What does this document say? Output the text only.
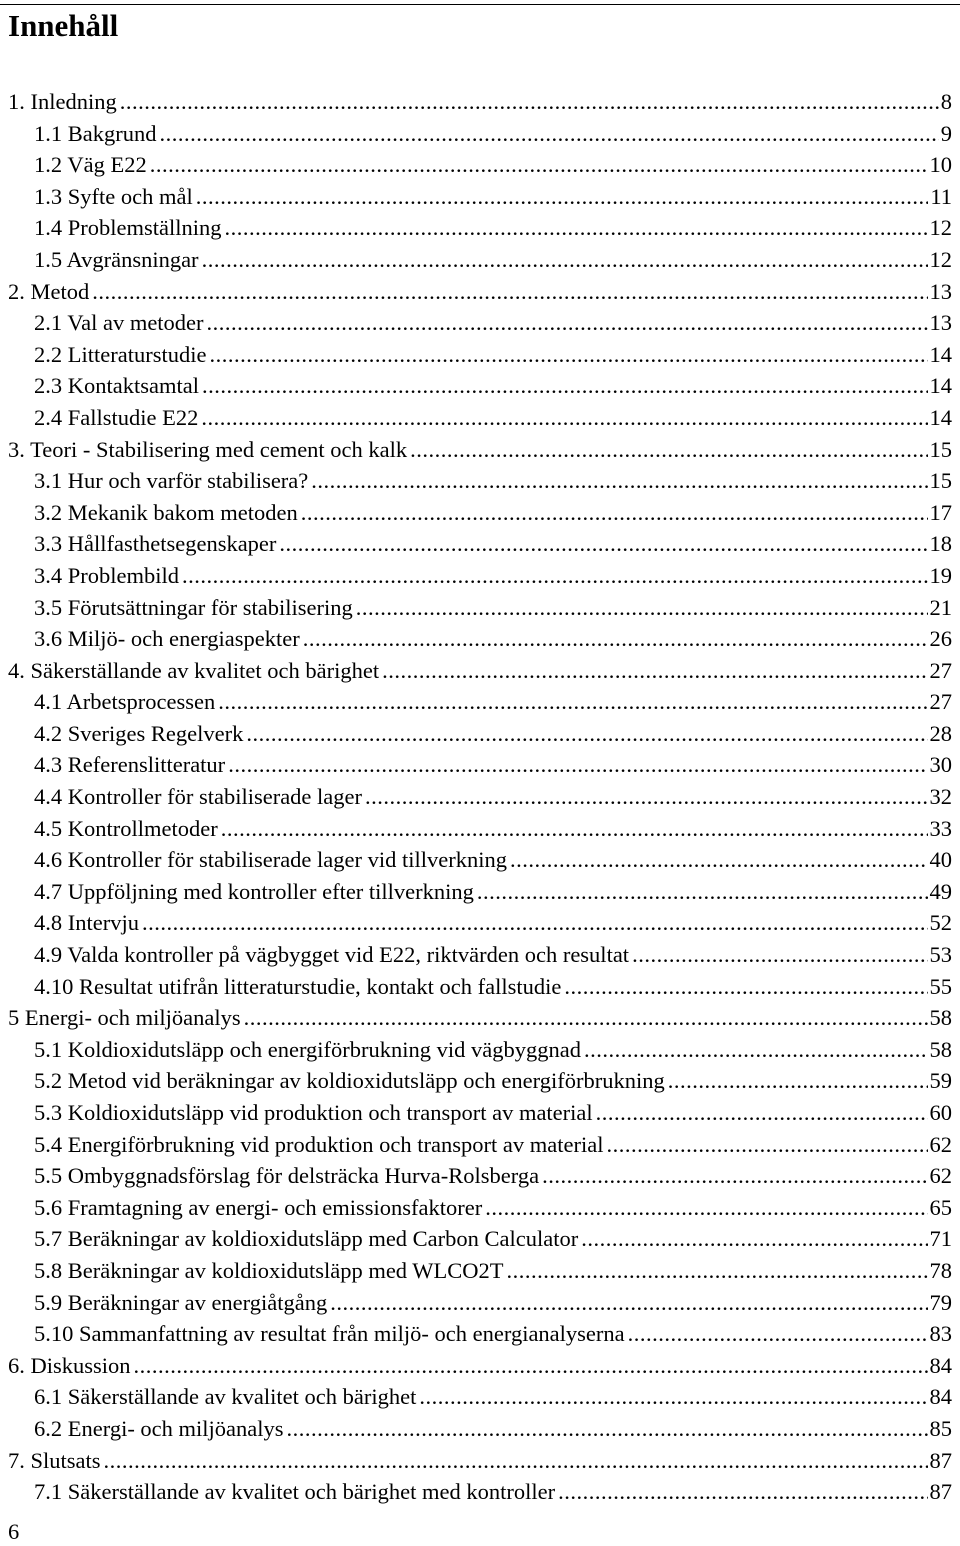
Innehåll
1. Inledning .....	8
1.1 Bakgrund .....	9
1.2 Väg E22 .....	10
1.3 Syfte och mål .....	11
1.4 Problemställning .....	12
1.5 Avgränsningar .....	12
2. Metod .....	13
2.1 Val av metoder .....	13
2.2 Litteraturstudie .....	14
2.3 Kontaktsamtal .....	14
2.4 Fallstudie E22 .....	14
3. Teori - Stabilisering med cement och kalk .....	15
3.1 Hur och varför stabilisera? .....	15
3.2 Mekanik bakom metoden .....	17
3.3 Hållfasthetsegenskaper .....	18
3.4 Problembild .....	19
3.5 Förutsättningar för stabilisering .....	21
3.6 Miljö- och energiaspekter .....	26
4. Säkerställande av kvalitet och bärighet .....	27
4.1 Arbetsprocessen .....	27
4.2 Sveriges Regelverk .....	28
4.3 Referenslitteratur .....	30
4.4 Kontroller för stabiliserade lager .....	32
4.5 Kontrollmetoder .....	33
4.6 Kontroller för stabiliserade lager vid tillverkning .....	40
4.7 Uppföljning med kontroller efter tillverkning .....	49
4.8 Intervju .....	52
4.9 Valda kontroller på vägbygget vid E22, riktvärden och resultat .....	53
4.10 Resultat utifrån litteraturstudie, kontakt och fallstudie .....	55
5 Energi- och miljöanalys .....	58
5.1 Koldioxidutsläpp och energiförbrukning vid vägbyggnad .....	58
5.2 Metod vid beräkningar av koldioxidutsläpp och energiförbrukning .....	59
5.3 Koldioxidutsläpp vid produktion och transport av material .....	60
5.4 Energiförbrukning vid produktion och transport av material .....	62
5.5 Ombyggnadsförslag för delsträcka Hurva-Rolsberga .....	62
5.6 Framtagning av energi- och emissionsfaktorer .....	65
5.7 Beräkningar av koldioxidutsläpp med Carbon Calculator .....	71
5.8 Beräkningar av koldioxidutsläpp med WLCO2T .....	78
5.9 Beräkningar av energiåtgång .....	79
5.10 Sammanfattning av resultat från miljö- och energianalyserna .....	83
6. Diskussion .....	84
6.1 Säkerställande av kvalitet och bärighet .....	84
6.2 Energi- och miljöanalys .....	85
7. Slutsats .....	87
7.1 Säkerställande av kvalitet och bärighet med kontroller .....	87
6
